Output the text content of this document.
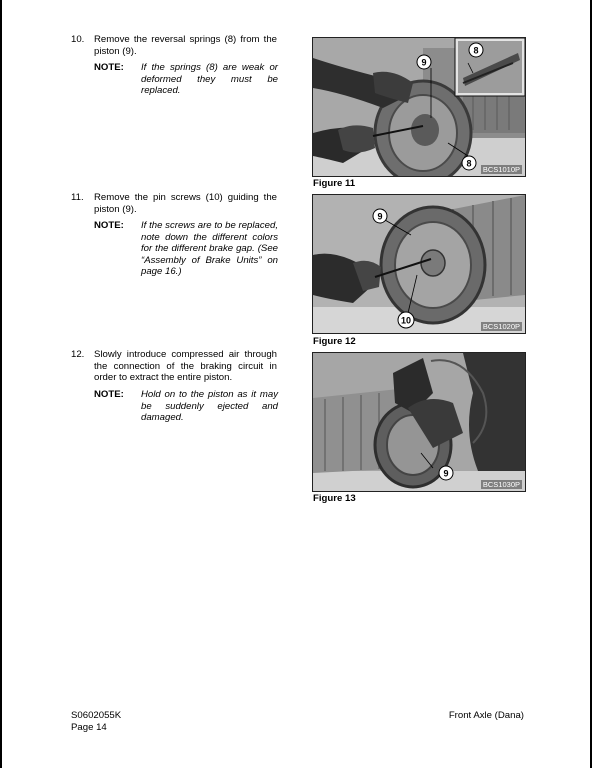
10. Remove the reversal springs (8) from the piston (9).
NOTE: If the springs (8) are weak or deformed they must be replaced.
11. Remove the pin screws (10) guiding the piston (9).
NOTE: If the screws are to be replaced, note down the different colors for the different brake gap. (See “Assembly of Brake Units” on page 16.)
12. Slowly introduce compressed air through the connection of the braking circuit in order to extract the entire piston.
NOTE: Hold on to the piston as it may be suddenly ejected and damaged.
9
8
8
BCS1010P
Figure 11
9
10
BCS1020P
Figure 12
9
BCS1030P
Figure 13
S0602055K
Page 14
Front Axle (Dana)
